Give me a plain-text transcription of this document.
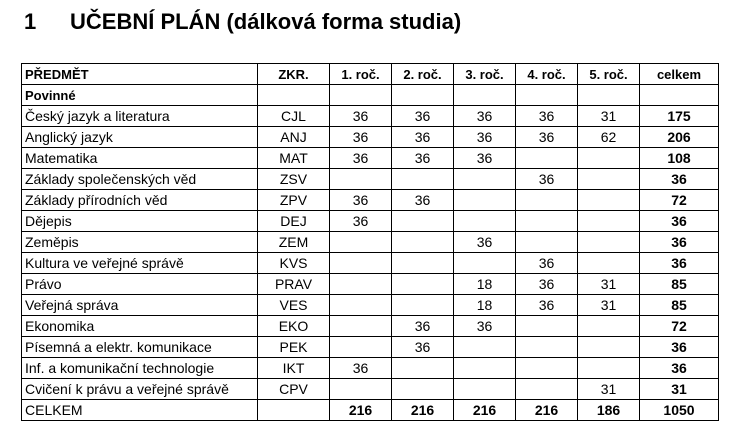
1 UČEBNÍ PLÁN (dálková forma studia)
PŘEDMĚT	ZKR.	1. roč.	2. roč.	3. roč.	4. roč.	5. roč.	celkem
Povinné							
Český jazyk a literatura	CJL	36	36	36	36	31	175
Anglický jazyk	ANJ	36	36	36	36	62	206
Matematika	MAT	36	36	36			108
Základy společenských věd	ZSV				36		36
Základy přírodních věd	ZPV	36	36				72
Dějepis	DEJ	36					36
Zeměpis	ZEM			36			36
Kultura ve veřejné správě	KVS				36		36
Právo	PRAV			18	36	31	85
Veřejná správa	VES			18	36	31	85
Ekonomika	EKO		36	36			72
Písemná a elektr. komunikace	PEK		36				36
Inf. a komunikační technologie	IKT	36					36
Cvičení k právu a veřejné správě	CPV					31	31
CELKEM		216	216	216	216	186	1050
